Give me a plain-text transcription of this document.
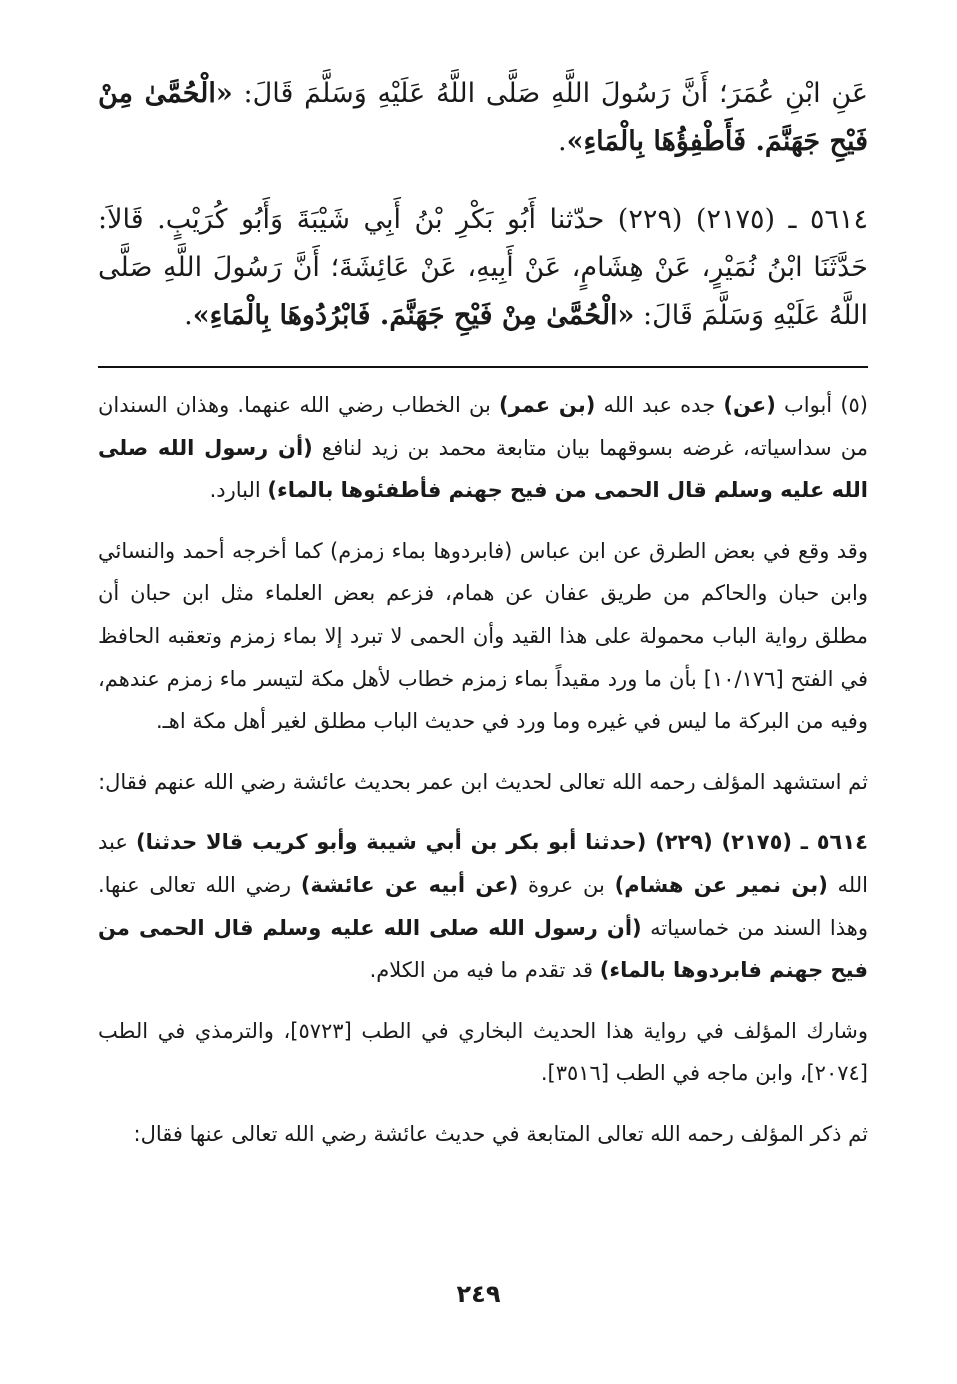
عَنِ ابْنِ عُمَرَ؛ أَنَّ رَسُولَ اللَّهِ صَلَّى اللَّهُ عَلَيْهِ وَسَلَّمَ قَالَ: «الْحُمَّىٰ مِنْ فَيْحِ جَهَنَّمَ. فَأَطْفِؤُهَا بِالْمَاءِ».

٥٦١٤ ـ (٢١٧٥) (٢٢٩) حدّثنا أَبُو بَكْرِ بْنُ أَبِي شَيْبَةَ وَأَبُو كُرَيْبٍ. قَالاَ: حَدَّثَنَا ابْنُ نُمَيْرٍ، عَنْ هِشَامٍ، عَنْ أَبِيهِ، عَنْ عَائِشَةَ؛ أَنَّ رَسُولَ اللَّهِ صَلَّى اللَّهُ عَلَيْهِ وَسَلَّمَ قَالَ: «الْحُمَّىٰ مِنْ فَيْحِ جَهَنَّمَ. فَابْرُدُوهَا بِالْمَاءِ».

(٥) أبواب (عن) جده عبد الله (بن عمر) بن الخطاب رضي الله عنهما. وهذان السندان من سداسياته، غرضه بسوقهما بيان متابعة محمد بن زيد لنافع (أن رسول الله صلى الله عليه وسلم قال الحمى من فيح جهنم فأطفئوها بالماء) البارد.

وقد وقع في بعض الطرق عن ابن عباس (فابردوها بماء زمزم) كما أخرجه أحمد والنسائي وابن حبان والحاكم من طريق عفان عن همام، فزعم بعض العلماء مثل ابن حبان أن مطلق رواية الباب محمولة على هذا القيد وأن الحمى لا تبرد إلا بماء زمزم وتعقبه الحافظ في الفتح [١٠/١٧٦] بأن ما ورد مقيداً بماء زمزم خطاب لأهل مكة لتيسر ماء زمزم عندهم، وفيه من البركة ما ليس في غيره وما ورد في حديث الباب مطلق لغير أهل مكة اهـ.

ثم استشهد المؤلف رحمه الله تعالى لحديث ابن عمر بحديث عائشة رضي الله عنهم فقال:

٥٦١٤ ـ (٢١٧٥) (٢٢٩) (حدثنا أبو بكر بن أبي شيبة وأبو كريب قالا حدثنا) عبد الله (بن نمير عن هشام) بن عروة (عن أبيه عن عائشة) رضي الله تعالى عنها. وهذا السند من خماسياته (أن رسول الله صلى الله عليه وسلم قال الحمى من فيح جهنم فابردوها بالماء) قد تقدم ما فيه من الكلام.

وشارك المؤلف في رواية هذا الحديث البخاري في الطب [٥٧٢٣]، والترمذي في الطب [٢٠٧٤]، وابن ماجه في الطب [٣٥١٦].

ثم ذكر المؤلف رحمه الله تعالى المتابعة في حديث عائشة رضي الله تعالى عنها فقال:

٢٤٩
